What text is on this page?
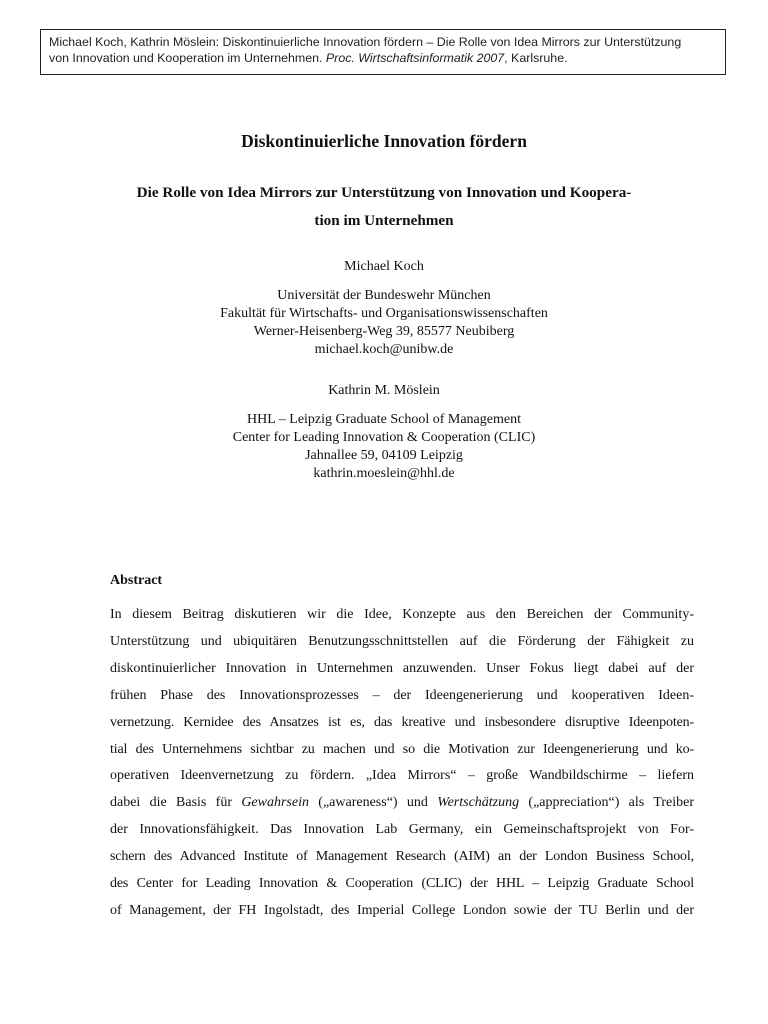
Michael Koch, Kathrin Möslein: Diskontinuierliche Innovation fördern – Die Rolle von Idea Mirrors zur Unterstützung
von Innovation und Kooperation im Unternehmen. Proc. Wirtschaftsinformatik 2007, Karlsruhe.
Diskontinuierliche Innovation fördern
Die Rolle von Idea Mirrors zur Unterstützung von Innovation und Koopera-
tion im Unternehmen
Michael Koch
Universität der Bundeswehr München
Fakultät für Wirtschafts- und Organisationswissenschaften
Werner-Heisenberg-Weg 39, 85577 Neubiberg
michael.koch@unibw.de
Kathrin M. Möslein
HHL – Leipzig Graduate School of Management
Center for Leading Innovation & Cooperation (CLIC)
Jahnallee 59, 04109 Leipzig
kathrin.moeslein@hhl.de
Abstract
In diesem Beitrag diskutieren wir die Idee, Konzepte aus den Bereichen der Community-
Unterstützung und ubiquitären Benutzungsschnittstellen auf die Förderung der Fähigkeit zu
diskontinuierlicher Innovation in Unternehmen anzuwenden. Unser Fokus liegt dabei auf der
frühen Phase des Innovationsprozesses – der Ideengenerierung und kooperativen Ideen-
vernetzung. Kernidee des Ansatzes ist es, das kreative und insbesondere disruptive Ideenpoten-
tial des Unternehmens sichtbar zu machen und so die Motivation zur Ideengenerierung und ko-
operativen Ideenvernetzung zu fördern. „Idea Mirrors“ – große Wandbildschirme – liefern
dabei die Basis für Gewahrsein („awareness“) und Wertschätzung („appreciation“) als Treiber
der Innovationsfähigkeit. Das Innovation Lab Germany, ein Gemeinschaftsprojekt von For-
schern des Advanced Institute of Management Research (AIM) an der London Business School,
des Center for Leading Innovation & Cooperation (CLIC) der HHL – Leipzig Graduate School
of Management, der FH Ingolstadt, des Imperial College London sowie der TU Berlin und der
